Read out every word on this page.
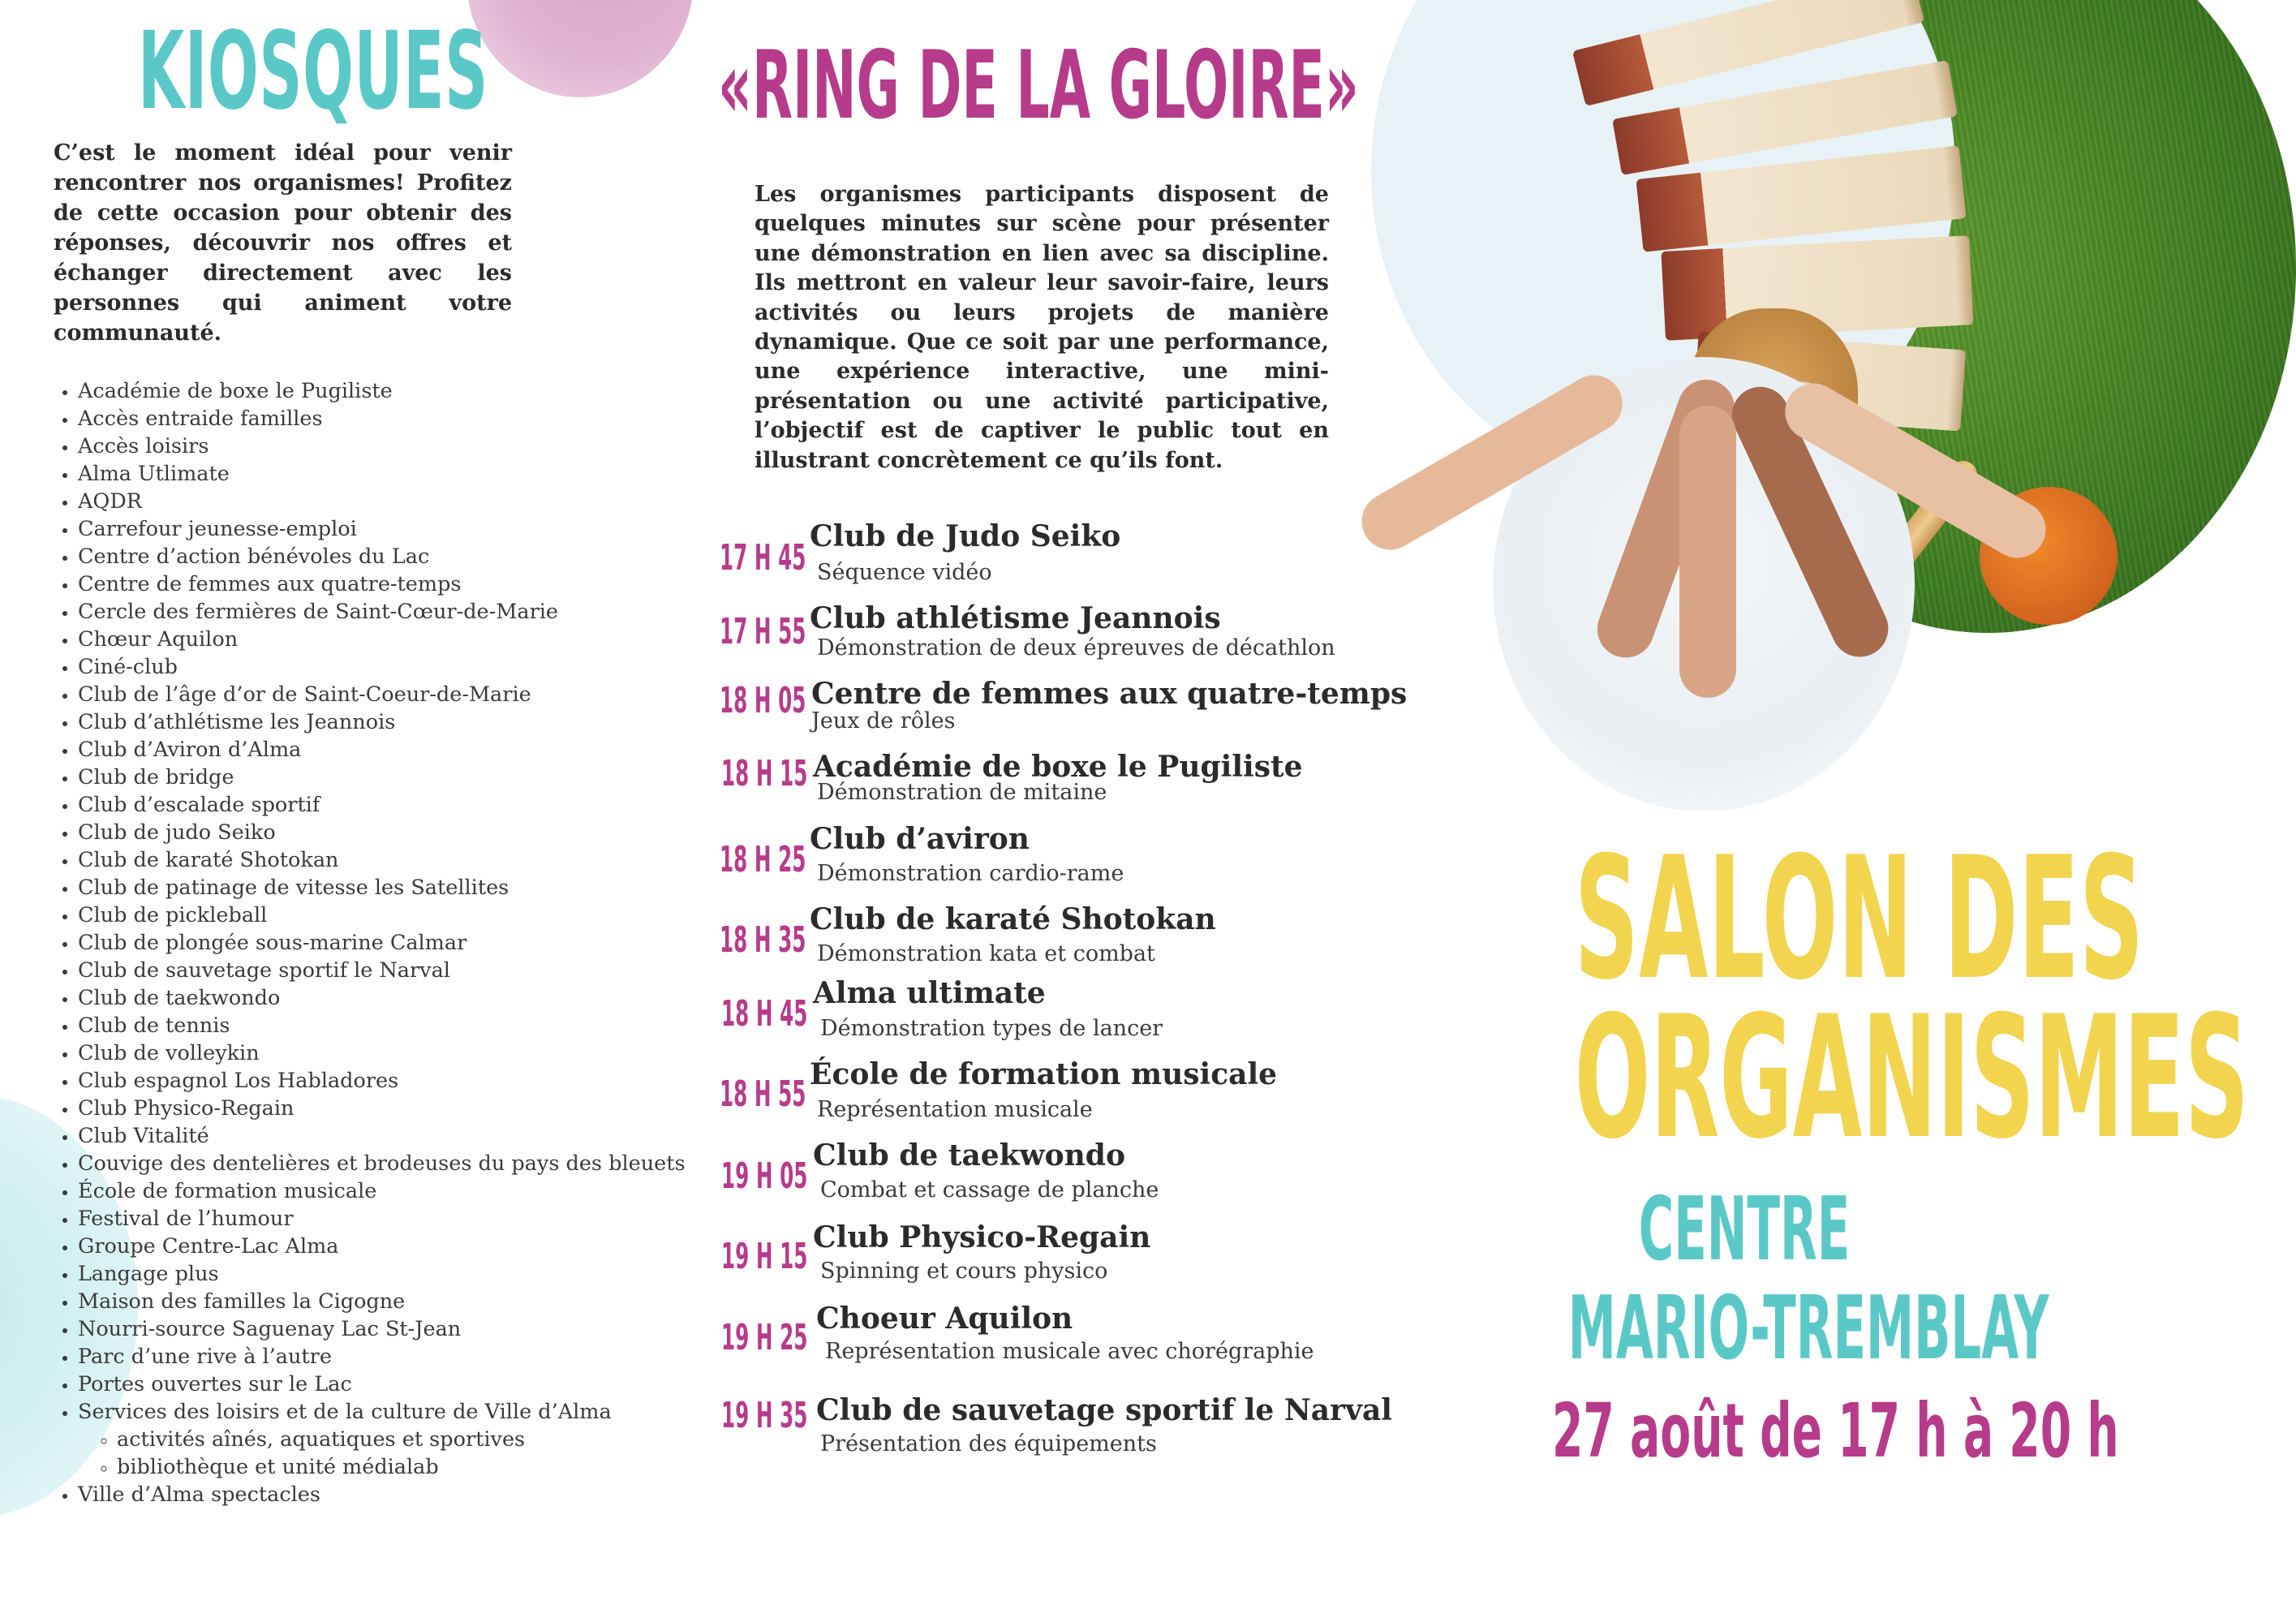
KIOSQUES

C’est le moment idéal pour venir rencontrer nos organismes! Profitez de cette occasion pour obtenir des réponses, découvrir nos offres et échanger directement avec les personnes qui animent votre communauté.

• Académie de boxe le Pugiliste
• Accès entraide familles
• Accès loisirs
• Alma Utlimate
• AQDR
• Carrefour jeunesse-emploi
• Centre d’action bénévoles du Lac
• Centre de femmes aux quatre-temps
• Cercle des fermières de Saint-Cœur-de-Marie
• Chœur Aquilon
• Ciné-club
• Club de l’âge d’or de Saint-Coeur-de-Marie
• Club d’athlétisme les Jeannois
• Club d’Aviron d’Alma
• Club de bridge
• Club d’escalade sportif
• Club de judo Seiko
• Club de karaté Shotokan
• Club de patinage de vitesse les Satellites
• Club de pickleball
• Club de plongée sous-marine Calmar
• Club de sauvetage sportif le Narval
• Club de taekwondo
• Club de tennis
• Club de volleykin
• Club espagnol Los Habladores
• Club Physico-Regain
• Club Vitalité
• Couvige des dentelières et brodeuses du pays des bleuets
• École de formation musicale
• Festival de l’humour
• Groupe Centre-Lac Alma
• Langage plus
• Maison des familles la Cigogne
• Nourri-source Saguenay Lac St-Jean
• Parc d’une rive à l’autre
• Portes ouvertes sur le Lac
• Services des loisirs et de la culture de Ville d’Alma
◦ activités aînés, aquatiques et sportives
◦ bibliothèque et unité médialab
• Ville d’Alma spectacles
«RING DE LA GLOIRE»

Les organismes participants disposent de quelques minutes sur scène pour présenter une démonstration en lien avec sa discipline. Ils mettront en valeur leur savoir-faire, leurs activités ou leurs projets de manière dynamique. Que ce soit par une performance, une expérience interactive, une mini-présentation ou une activité participative, l’objectif est de captiver le public tout en illustrant concrètement ce qu’ils font.

17 H 45
Club de Judo Seiko
Séquence vidéo
17 H 55 Club athlétisme Jeannois
Démonstration de deux épreuves de décathlon
18 H 05 Centre de femmes aux quatre-temps
Jeux de rôles
18 H 15 Académie de boxe le Pugiliste
Démonstration de mitaine
18 H 25 Club d’aviron
Démonstration cardio-rame
18 H 35 Club de karaté Shotokan
Démonstration kata et combat
18 H 45 Alma ultimate
Démonstration types de lancer
18 H 55 École de formation musicale
Représentation musicale
19 H 05 Club de taekwondo
Combat et cassage de planche
19 H 15 Club Physico-Regain
Spinning et cours physico
19 H 25 Choeur Aquilon
Représentation musicale avec chorégraphie
19 H 35 Club de sauvetage sportif le Narval
Présentation des équipements
SALON DES
ORGANISMES
CENTRE
MARIO-TREMBLAY
27 août de 17 h à 20 h
